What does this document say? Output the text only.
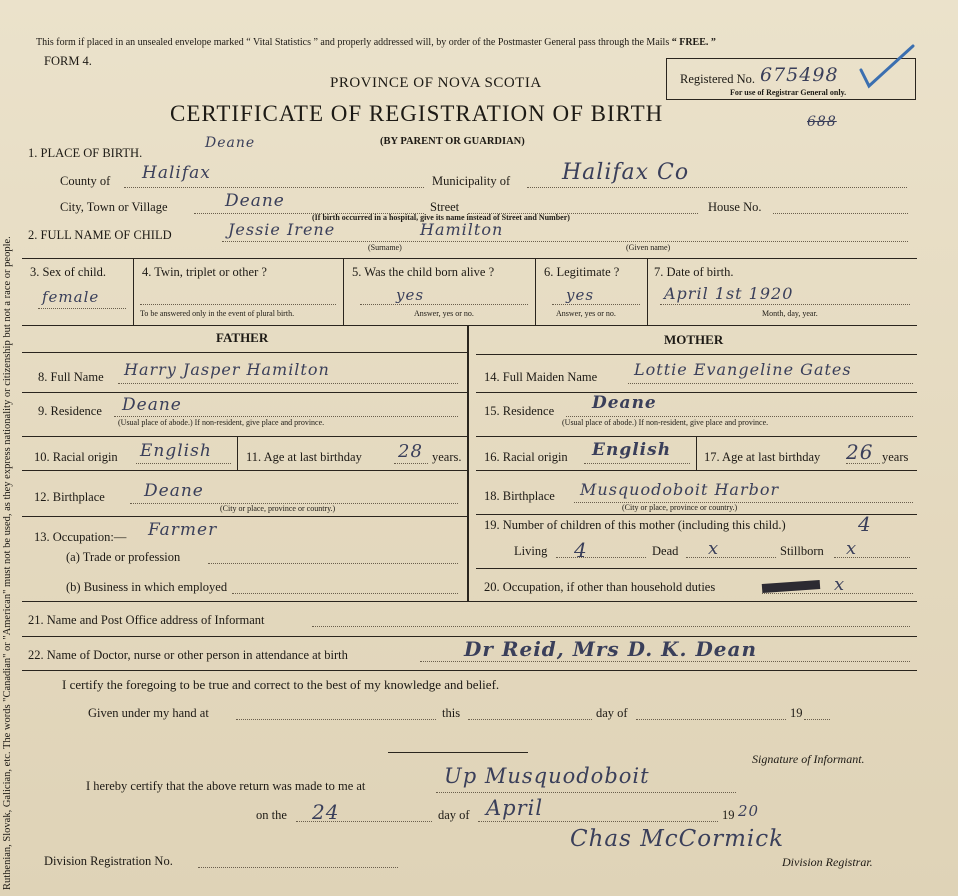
Ruthenian, Slovak, Galician, etc. The words "Canadian" or "American" must not be used, as they express nationality or citizenship but not a race or people.
This form if placed in an unsealed envelope marked “ Vital Statistics ” and properly addressed will, by order of the Postmaster General pass through the Mails “ FREE. ”
FORM 4.
PROVINCE OF NOVA SCOTIA
CERTIFICATE OF REGISTRATION OF BIRTH
(BY PARENT OR GUARDIAN)
688
Registered No. 675498
For use of Registrar General only.
1. PLACE OF BIRTH.
Deane
County of Halifax	Municipality of Halifax Co
City, Town or Village	Deane	Street	House No.
(If birth occurred in a hospital, give its name instead of Street and Number)
2. FULL NAME OF CHILD	Jessie Irene	Hamilton
(Surname)	(Given name)
3. Sex of child.
female
4. Twin, triplet or other ?
To be answered only in the event of plural birth.
5. Was the child born alive ?
yes
Answer, yes or no.
6. Legitimate ?
yes
Answer, yes or no.
7. Date of birth.
April 1st 1920
Month, day, year.
FATHER	MOTHER
8. Full Name Harry Jasper Hamilton
9. Residence Deane
(Usual place of abode.) If non-resident, give place and province.
10. Racial origin English	11. Age at last birthday 28 years.
12. Birthplace Deane
(City or place, province or country.)
13. Occupation:— Farmer
(a) Trade or profession
(b) Business in which employed
14. Full Maiden Name Lottie Evangeline Gates
15. Residence Deane
(Usual place of abode.) If non-resident, give place and province.
16. Racial origin English	17. Age at last birthday 26 years
18. Birthplace Musquodoboit Harbor
(City or place, province or country.)
19. Number of children of this mother (including this child.)	4
Living 4	Dead x	Stillborn x
20. Occupation, if other than household duties	x
21. Name and Post Office address of Informant
22. Name of Doctor, nurse or other person in attendance at birth	Dr Reid, Mrs D. K. Dean
I certify the foregoing to be true and correct to the best of my knowledge and belief.
Given under my hand at	this	day of	19
Signature of Informant.
I hereby certify that the above return was made to me at	Up Musquodoboit
on the 24	day of April	19 20
Division Registration No.
Chas McCormick
Division Registrar.
